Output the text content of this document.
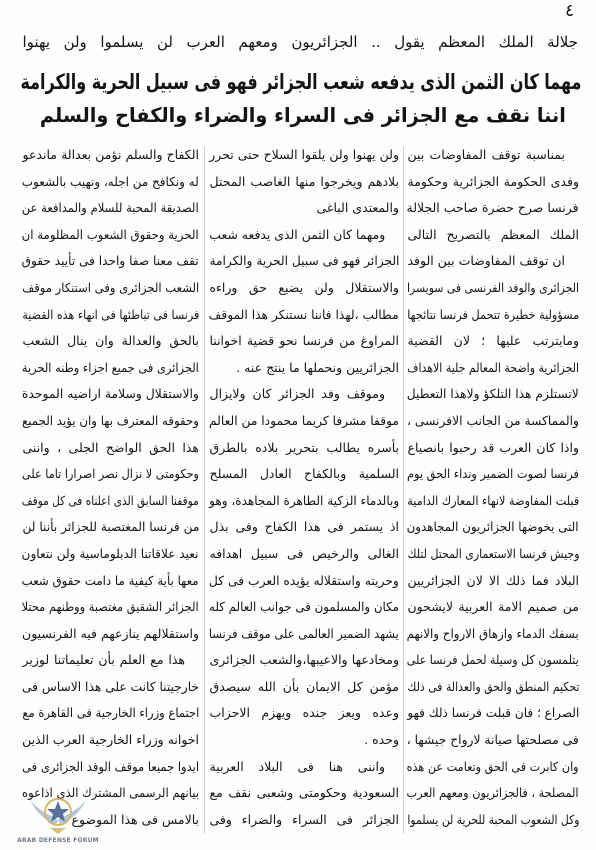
٤
جلالة الملك المعظم يقول .. الجزائريون ومعهم العرب لن يسلموا ولن يهنوا
مهما كان الثمن الذى يدفعه شعب الجزائر فهو فى سبيل الحرية والكرامة
اننا نقف مع الجزائر فى السراء والضراء والكفاح والسلم
بمناسبة توقف المفاوضات بين
وفدى الحكومة الجزائرية وحكومة
فرنسا صرح حضرة صاحب الجلالة
الملك المعظم بالتصريح التالى
ان توقف المفاوضات بين الوفد
الجزائرى والوفد الفرنسى فى سويسرا
مسؤولية خطيرة تتحمل فرنسا نتائجها
ومايترتب عليها ؛ لان القضية
الجزائرية واضحة المعالم جلية الاهداف
لاتستلزم هذا التلكؤ ولاهذا التعطيل
والمماكسة من الجانب الافرنسى ،
واذا كان العرب قد رحبوا بانصياع
فرنسا لصوت الضمير ونداء الحق يوم
قبلت المفاوضة لانهاء المعارك الدامية
التى يخوضها الجزائريون المجاهدون
وجيش فرنسا الاستعمارى المحتل لتلك
البلاد فما ذلك الا لان الجزائريين
من صميم الامة العربية لايشحون
بسفك الدماء وازهاق الارواح والانهم
يتلمسون كل وسيلة لحمل فرنسا على
تحكيم المنطق والحق والعدالة فى ذلك
الصراع ؛ فان قبلت فرنسا ذلك فهو
فى مصلحتها صيانة لارواح جيشها ،
وان كابرت فى الحق وتعامت عن هذه
المصلحة ، فالجزائريون ومعهم العرب
وكل الشعوب المحبة للحرية لن يسلموا
ولن يهنوا ولن يلقوا السلاح حتى تحرر
بلادهم ويخرجوا منها الغاصب المحتل
والمعتدى الباغى
ومهما كان الثمن الذى يدفعه شعب
الجزائر فهو فى سبيل الحرية والكرامة
والاستقلال ولن يضيع حق وراءه
مطالب ،لهذا فاننا نستنكر هذا الموقف
المراوغ من فرنسا نحو قضية اخواننا
الجزائريين ونحملها ما ينتج عنه .
وموقف وفد الجزائر كان ولايزال
موقفا مشرفا كريما محمودا من العالم
بأسره يطالب بتحرير بلاده بالطرق
السلمية وبالكفاح العادل المسلح
وبالدماء الزكية الطاهرة المجاهدة، وهو
اذ يستمر فى هذا الكفاح وفى بذل
الغالى والرخيص فى سبيل اهدافه
وحريته واستقلاله يؤيده العرب فى كل
مكان والمسلمون فى جوانب العالم كله
يشهد الضمير العالمى على موقف فرنسا
ومخادعها والاعيبها،والشعب الجزائرى
مؤمن كل الايمان بأن الله سيصدق
وعده ويعز جنده ويهزم الاحزاب
وحده .
واننى هنا فى البلاد العربية
السعودية وحكومتى وشعبى نقف مع
الجزائر فى السراء والضراء وفى
الكفاح والسلم نؤمن بعدالة ماندعو
له ونكافح من اجله، ونهيب بالشعوب
الصديقة المحبة للسلام والمدافعة عن
الحرية وحقوق الشعوب المظلومة ان
تقف معنا صفا واحدا فى تأييد حقوق
الشعب الجزائرى وفى استنكار موقف
فرنسا فى تباطئها فى انهاء هذه القضية
بالحق والعدالة وان ينال الشعب
الجزائرى فى جميع اجزاء وطنه الحرية
والاستقلال وسلامة اراضيه الموحدة
وحقوقه المعترف بها وان يؤيد الجميع
هذا الحق الواضح الجلى ، واننى
وحكومتى لا نزال نصر اصرارا تاما على
موقفنا السابق الذى اعلناه فى كل موقف
من فرنسا المغتصبة للجزائر بأننا لن
نعيد علاقاتنا الدبلوماسية ولن نتعاون
معها بأية كيفية ما دامت حقوق شعب
الجزائر الشقيق مغتصبة ووطنهم محتلا
واستقلالهم ينازعهم فيه الفرنسيون
هذا مع العلم بأن تعليماتنا لوزير
خارجيتنا كانت على هذا الاساس فى
اجتماع وزراء الخارجية فى القاهرة مع
اخوانه وزراء الخارجية العرب الذين
ايدوا جميعا موقف الوفد الجزائرى فى
بيانهم الرسمى المشترك الذى اذاعوه
بالامس فى هذا الموضوع
ARAB DEFENSE FORUM
